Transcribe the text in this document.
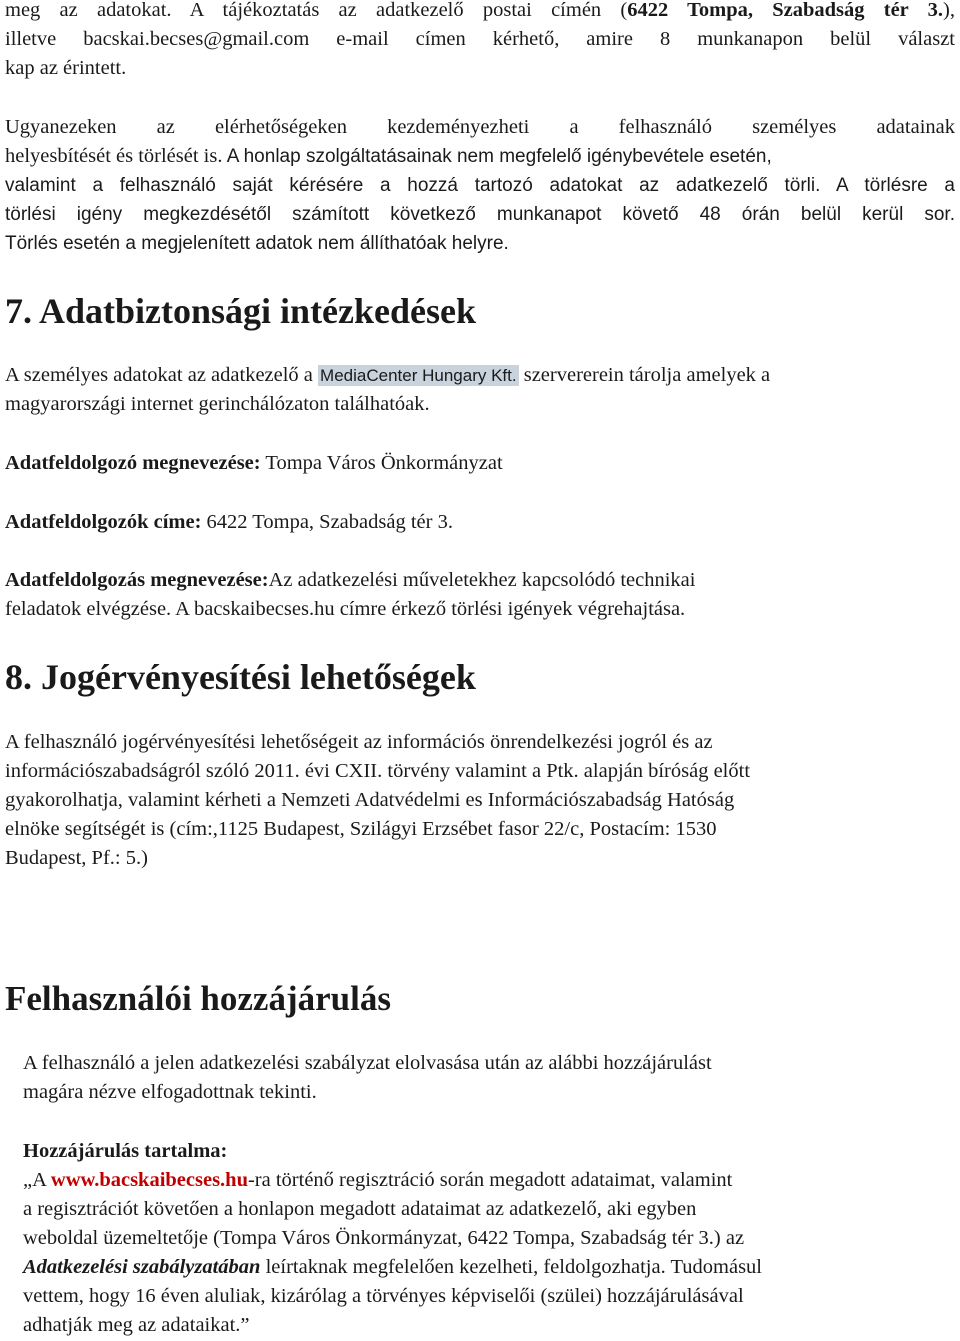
meg az adatokat. A tájékoztatás az adatkezelő postai címén (6422 Tompa, Szabadság tér 3.),
illetve bacskai.becses@gmail.com e-mail címen kérhető, amire 8 munkanapon belül választ
kap az érintett.
Ugyanezeken az elérhetőségeken kezdeményezheti a felhasználó személyes adatainak
helyesbítését és törlését is. A honlap szolgáltatásainak nem megfelelő igénybevétele esetén,
valamint a felhasználó saját kérésére a hozzá tartozó adatokat az adatkezelő törli. A törlésre a
törlési igény megkezdésétől számított következő munkanapot követő 48 órán belül kerül sor.
Törlés esetén a megjelenített adatok nem állíthatóak helyre.
7. Adatbiztonsági intézkedések
A személyes adatokat az adatkezelő a MediaCenter Hungary Kft. szervererein tárolja amelyek a
magyarországi internet gerinchálózaton találhatóak.
Adatfeldolgozó megnevezése: Tompa Város Önkormányzat
Adatfeldolgozók címe: 6422 Tompa, Szabadság tér 3.
Adatfeldolgozás megnevezése:Az adatkezelési műveletekhez kapcsolódó technikai
feladatok elvégzése. A bacskaibecses.hu címre érkező törlési igények végrehajtása.
8. Jogérvényesítési lehetőségek
A felhasználó jogérvényesítési lehetőségeit az információs önrendelkezési jogról és az
információszabadságról szóló 2011. évi CXII. törvény valamint a Ptk. alapján bíróság előtt
gyakorolhatja, valamint kérheti a Nemzeti Adatvédelmi es Információszabadság Hatóság
elnöke segítségét is (cím:,1125 Budapest, Szilágyi Erzsébet fasor 22/c, Postacím: 1530
Budapest, Pf.: 5.)
Felhasználói hozzájárulás
A felhasználó a jelen adatkezelési szabályzat elolvasása után az alábbi hozzájárulást
magára nézve elfogadottnak tekinti.
Hozzájárulás tartalma:
„A www.bacskaibecses.hu-ra történő regisztráció során megadott adataimat, valamint
a regisztrációt követően a honlapon megadott adataimat az adatkezelő, aki egyben
weboldal üzemeltetője (Tompa Város Önkormányzat, 6422 Tompa, Szabadság tér 3.) az
Adatkezelési szabályzatában leírtaknak megfelelően kezelheti, feldolgozhatja. Tudomásul
vettem, hogy 16 éven aluliak, kizárólag a törvényes képviselői (szülei) hozzájárulásával
adhatják meg az adataikat.”
